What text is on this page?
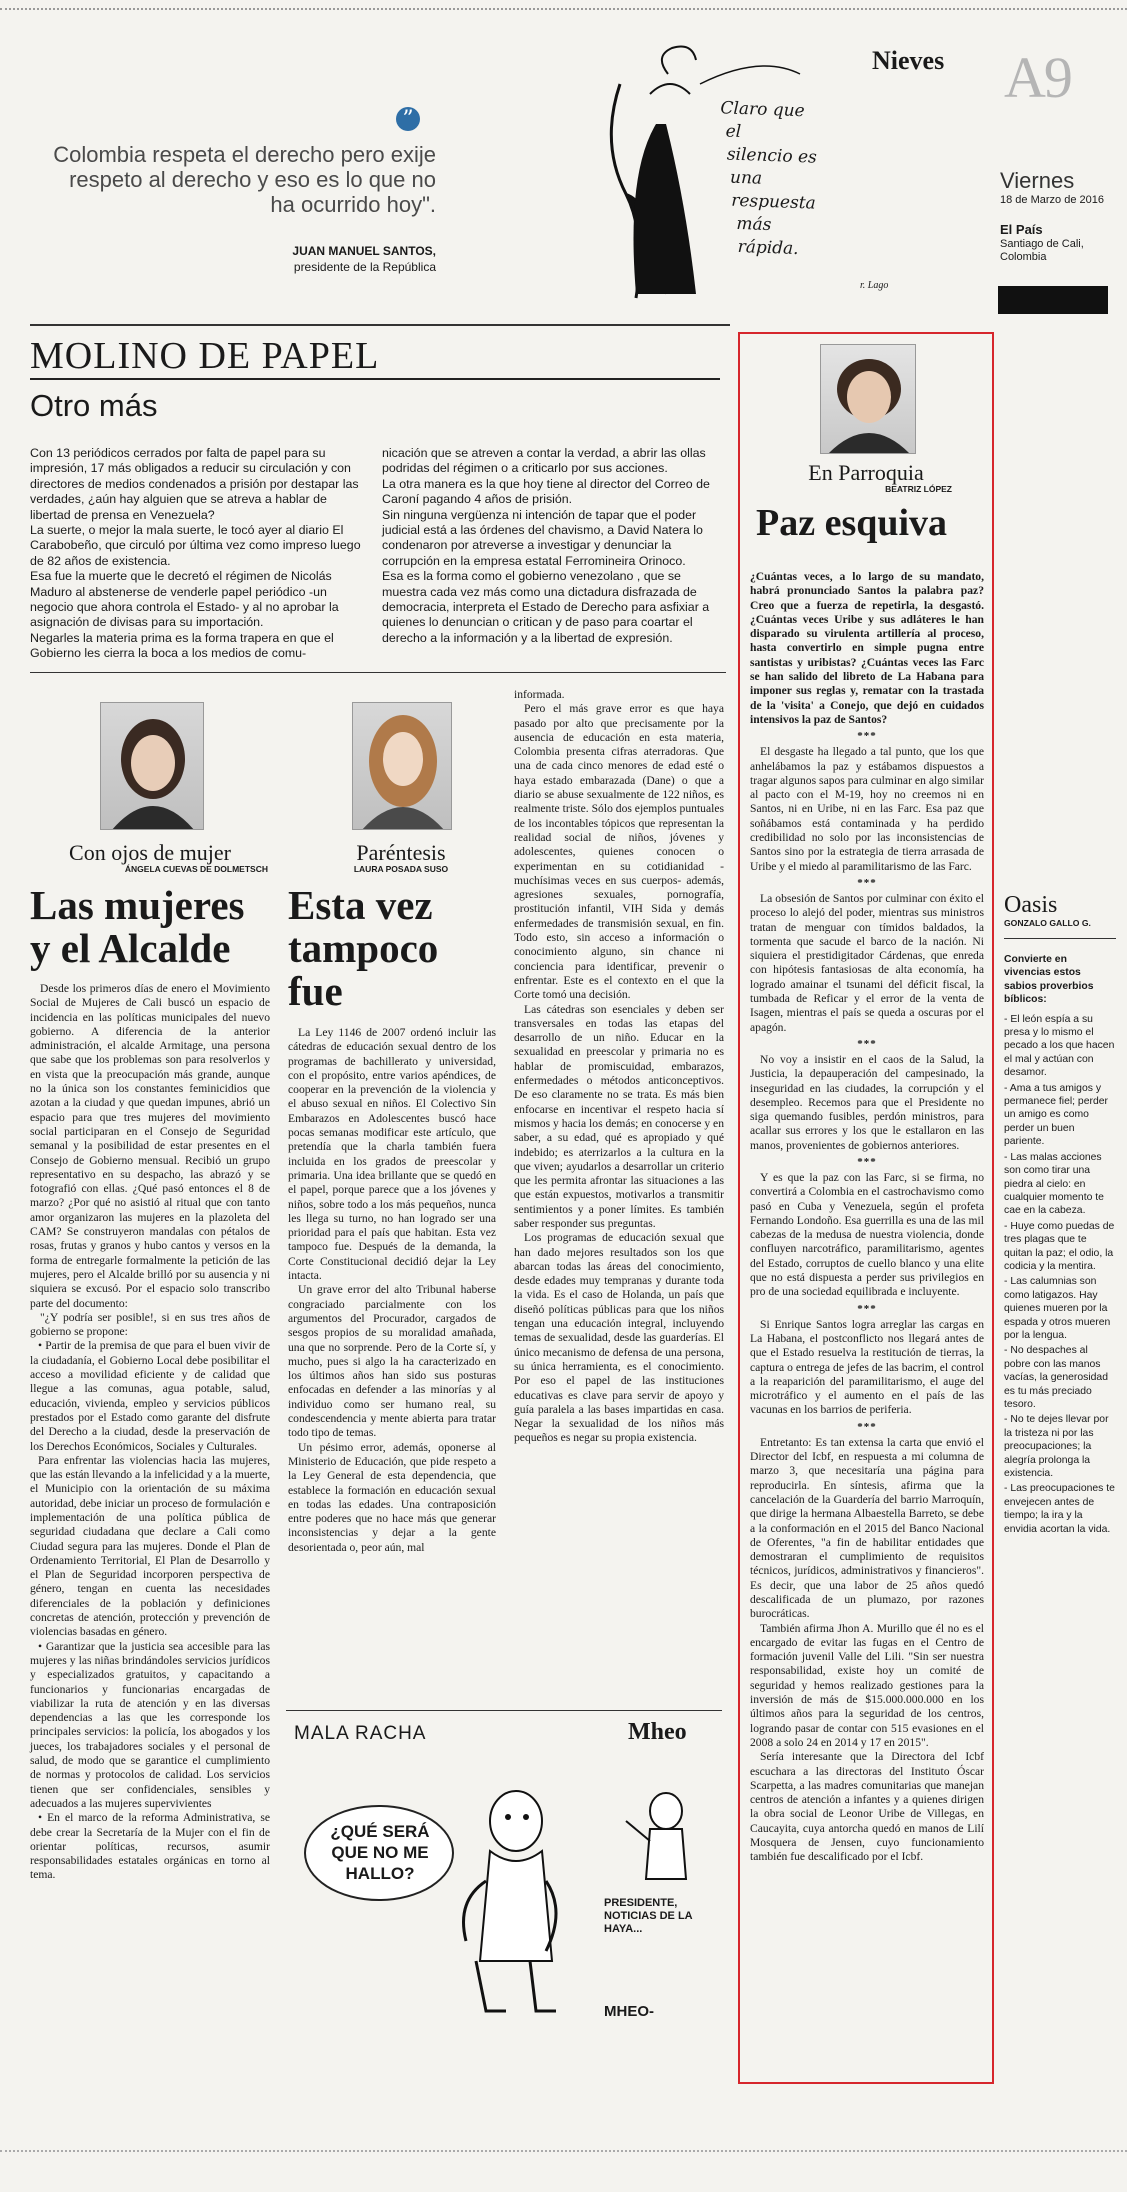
”
Colombia respeta el derecho pero exije respeto al derecho y eso es lo que no ha ocurrido hoy".
JUAN MANUEL SANTOS,
presidente de la República
Nieves
Claro que
el
silencio es
una
respuesta
más
rápida.
r. Lago
A9
Viernes
18 de Marzo de 2016
El País
Santiago de Cali, Colombia
MOLINO DE PAPEL
Otro más
Con 13 periódicos cerrados por falta de papel para su impresión, 17 más obligados a reducir su circulación y con directores de medios condenados a prisión por destapar las verdades, ¿aún hay alguien que se atreva a hablar de libertad de prensa en Venezuela?
La suerte, o mejor la mala suerte, le tocó ayer al diario El Carabobeño, que circuló por última vez como impreso luego de 82 años de existencia.
Esa fue la muerte que le decretó el régimen de Nicolás Maduro al abstenerse de venderle papel periódico -un negocio que ahora controla el Estado- y al no aprobar la asignación de divisas para su importación.
Negarles la materia prima es la forma trapera en que el Gobierno les cierra la boca a los medios de comu-
nicación que se atreven a contar la verdad, a abrir las ollas podridas del régimen o a criticarlo por sus acciones.
La otra manera es la que hoy tiene al director del Correo de Caroní pagando 4 años de prisión.
Sin ninguna vergüenza ni intención de tapar que el poder judicial está a las órdenes del chavismo, a David Natera lo condenaron por atreverse a investigar y denunciar la corrupción en la empresa estatal Ferromineira Orinoco.
Esa es la forma como el gobierno venezolano , que se muestra cada vez más como una dictadura disfrazada de democracia, interpreta el Estado de Derecho para asfixiar a quienes lo denuncian o critican y de paso para coartar el derecho a la información y a la libertad de expresión.
Con ojos de mujer
ÁNGELA CUEVAS DE DOLMETSCH
Las mujeres y el Alcalde

Desde los primeros días de enero el Movimiento Social de Mujeres de Cali buscó un espacio de incidencia en las políticas municipales del nuevo gobierno. A diferencia de la anterior administración, el alcalde Armitage, una persona que sabe que los problemas son para resolverlos y en vista que la preocupación más grande, aunque no la única son los constantes feminicidios que azotan a la ciudad y que quedan impunes, abrió un espacio para que tres mujeres del movimiento social participaran en el Consejo de Seguridad semanal y la posibilidad de estar presentes en el Consejo de Gobierno mensual. Recibió un grupo representativo en su despacho, las abrazó y se fotografió con ellas. ¿Qué pasó entonces el 8 de marzo? ¿Por qué no asistió al ritual que con tanto amor organizaron las mujeres en la plazoleta del CAM? Se construyeron mandalas con pétalos de rosas, frutas y granos y hubo cantos y versos en la forma de entregarle formalmente la petición de las mujeres, pero el Alcalde brilló por su ausencia y ni siquiera se excusó. Por el espacio solo transcribo parte del documento:

"¿Y podría ser posible!, si en sus tres años de gobierno se propone:

• Partir de la premisa de que para el buen vivir de la ciudadanía, el Gobierno Local debe posibilitar el acceso a movilidad eficiente y de calidad que llegue a las comunas, agua potable, salud, educación, vivienda, empleo y servicios públicos prestados por el Estado como garante del disfrute del Derecho a la ciudad, desde la preservación de los Derechos Económicos, Sociales y Culturales.
Para enfrentar las violencias hacia las mujeres, que las están llevando a la infelicidad y a la muerte, el Municipio con la orientación de su máxima autoridad, debe iniciar un proceso de formulación e implementación de una política pública de seguridad ciudadana que declare a Cali como Ciudad segura para las mujeres. Donde el Plan de Ordenamiento Territorial, El Plan de Desarrollo y el Plan de Seguridad incorporen perspectiva de género, tengan en cuenta las necesidades diferenciales de la población y definiciones concretas de atención, protección y prevención de violencias basadas en género.
• Garantizar que la justicia sea accesible para las mujeres y las niñas brindándoles servicios jurídicos y especializados gratuitos, y capacitando a funcionarios y funcionarias encargadas de viabilizar la ruta de atención y en las diversas dependencias a las que les corresponde los principales servicios: la policía, los abogados y los jueces, los trabajadores sociales y el personal de salud, de modo que se garantice el cumplimiento de normas y protocolos de calidad. Los servicios tienen que ser confidenciales, sensibles y adecuados a las mujeres supervivientes
• En el marco de la reforma Administrativa, se debe crear la Secretaría de la Mujer con el fin de orientar políticas, recursos, asumir responsabilidades estatales orgánicas en torno al tema.
Paréntesis
LAURA POSADA SUSO
Esta vez tampoco fue

La Ley 1146 de 2007 ordenó incluir las cátedras de educación sexual dentro de los programas de bachillerato y universidad, con el propósito, entre varios apéndices, de cooperar en la prevención de la violencia y el abuso sexual en niños. El Colectivo Sin Embarazos en Adolescentes buscó hace pocas semanas modificar este artículo, que pretendía que la charla también fuera incluida en los grados de preescolar y primaria. Una idea brillante que se quedó en el papel, porque parece que a los jóvenes y niños, sobre todo a los más pequeños, nunca les llega su turno, no han logrado ser una prioridad para el país que habitan. Esta vez tampoco fue. Después de la demanda, la Corte Constitucional decidió dejar la Ley intacta.

Un grave error del alto Tribunal haberse congraciado parcialmente con los argumentos del Procurador, cargados de sesgos propios de su moralidad amañada, una que no sorprende. Pero de la Corte sí, y mucho, pues si algo la ha caracterizado en los últimos años han sido sus posturas enfocadas en defender a las minorías y al individuo como ser humano real, su condescendencia y mente abierta para tratar todo tipo de temas.

Un pésimo error, además, oponerse al Ministerio de Educación, que pide respeto a la Ley General de esta dependencia, que establece la formación en educación sexual en todas las edades. Una contraposición entre poderes que no hace más que generar inconsistencias y dejar a la gente desorientada o, peor aún, mal

informada.

Pero el más grave error es que haya pasado por alto que precisamente por la ausencia de educación en esta materia, Colombia presenta cifras aterradoras. Que una de cada cinco menores de edad esté o haya estado embarazada (Dane) o que a diario se abuse sexualmente de 122 niños, es realmente triste. Sólo dos ejemplos puntuales de los incontables tópicos que representan la realidad social de niños, jóvenes y adolescentes, quienes conocen o experimentan en su cotidianidad -muchísimas veces en sus cuerpos- además, agresiones sexuales, pornografía, prostitución infantil, VIH Sida y demás enfermedades de transmisión sexual, en fin. Todo esto, sin acceso a información o conocimiento alguno, sin chance ni conciencia para identificar, prevenir o enfrentar. Este es el contexto en el que la Corte tomó una decisión.

Las cátedras son esenciales y deben ser transversales en todas las etapas del desarrollo de un niño. Educar en la sexualidad en preescolar y primaria no es hablar de promiscuidad, embarazos, enfermedades o métodos anticonceptivos. De eso claramente no se trata. Es más bien enfocarse en incentivar el respeto hacia sí mismos y hacia los demás; en conocerse y en saber, a su edad, qué es apropiado y qué indebido; es aterrizarlos a la cultura en la que viven; ayudarlos a desarrollar un criterio que les permita afrontar las situaciones a las que están expuestos, motivarlos a transmitir sentimientos y a poner límites. Es también saber responder sus preguntas.

Los programas de educación sexual que han dado mejores resultados son los que abarcan todas las áreas del conocimiento, desde edades muy tempranas y durante toda la vida. Es el caso de Holanda, un país que diseñó políticas públicas para que los niños tengan una educación integral, incluyendo temas de sexualidad, desde las guarderías. El único mecanismo de defensa de una persona, su única herramienta, es el conocimiento. Por eso el papel de las instituciones educativas es clave para servir de apoyo y guía paralela a las bases impartidas en casa. Negar la sexualidad de los niños más pequeños es negar su propia existencia.

MALA RACHA	Mheo
¿QUÉ SERÁ QUE NO ME HALLO?
PRESIDENTE, NOTICIAS DE LA HAYA...
MHEO-
En Parroquia
BEATRIZ LÓPEZ
Paz esquiva

¿Cuántas veces, a lo largo de su mandato, habrá pronunciado Santos la palabra paz? Creo que a fuerza de repetirla, la desgastó. ¿Cuántas veces Uribe y sus adláteres le han disparado su virulenta artillería al proceso, hasta convertirlo en simple pugna entre santistas y uribistas? ¿Cuántas veces las Farc se han salido del libreto de La Habana para imponer sus reglas y, rematar con la trastada de la 'visita' a Conejo, que dejó en cuidados intensivos la paz de Santos?

***

El desgaste ha llegado a tal punto, que los que anhelábamos la paz y estábamos dispuestos a tragar algunos sapos para culminar en algo similar al pacto con el M-19, hoy no creemos ni en Santos, ni en Uribe, ni en las Farc. Esa paz que soñábamos está contaminada y ha perdido credibilidad no solo por las inconsistencias de Santos sino por la estrategia de tierra arrasada de Uribe y el miedo al paramilitarismo de las Farc.

***

La obsesión de Santos por culminar con éxito el proceso lo alejó del poder, mientras sus ministros tratan de menguar con tímidos baldados, la tormenta que sacude el barco de la nación. Ni siquiera el prestidigitador Cárdenas, que enreda con hipótesis fantasiosas de alta economía, ha logrado amainar el tsunami del déficit fiscal, la tumbada de Reficar y el error de la venta de Isagen, mientras el país se queda a oscuras por el apagón.

***

No voy a insistir en el caos de la Salud, la Justicia, la depauperación del campesinado, la inseguridad en las ciudades, la corrupción y el desempleo. Recemos para que el Presidente no siga quemando fusibles, perdón ministros, para acallar sus errores y los que le estallaron en las manos, provenientes de gobiernos anteriores.

***

Y es que la paz con las Farc, si se firma, no convertirá a Colombia en el castrochavismo como pasó en Cuba y Venezuela, según el profeta Fernando Londoño. Esa guerrilla es una de las mil cabezas de la medusa de nuestra violencia, donde confluyen narcotráfico, paramilitarismo, agentes del Estado, corruptos de cuello blanco y una elite que no está dispuesta a perder sus privilegios en pro de una sociedad equilibrada e incluyente.

***

Si Enrique Santos logra arreglar las cargas en La Habana, el postconflicto nos llegará antes de que el Estado resuelva la restitución de tierras, la captura o entrega de jefes de las bacrim, el control a la reaparición del paramilitarismo, el auge del microtráfico y el aumento en el país de las vacunas en los barrios de periferia.

***

Entretanto: Es tan extensa la carta que envió el Director del Icbf, en respuesta a mi columna de marzo 3, que necesitaría una página para reproducirla. En síntesis, afirma que la cancelación de la Guardería del barrio Marroquín, que dirige la hermana Albaestella Barreto, se debe a la conformación en el 2015 del Banco Nacional de Oferentes, "a fin de habilitar entidades que demostraran el cumplimiento de requisitos técnicos, jurídicos, administrativos y financieros". Es decir, que una labor de 25 años quedó descalificada de un plumazo, por razones burocráticas.

También afirma Jhon A. Murillo que él no es el encargado de evitar las fugas en el Centro de formación juvenil Valle del Lili. "Sin ser nuestra responsabilidad, existe hoy un comité de seguridad y hemos realizado gestiones para la inversión de más de $15.000.000.000 en los últimos años para la seguridad de los centros, logrando pasar de contar con 515 evasiones en el 2008 a solo 24 en 2014 y 17 en 2015".

Sería interesante que la Directora del Icbf escuchara a las directoras del Instituto Óscar Scarpetta, a las madres comunitarias que manejan centros de atención a infantes y a quienes dirigen la obra social de Leonor Uribe de Villegas, en Caucayita, cuya antorcha quedó en manos de Lilí Mosquera de Jensen, cuyo funcionamiento también fue descalificado por el Icbf.

Oasis
GONZALO GALLO G.
Convierte en vivencias estos sabios proverbios bíblicos:
- El león espía a su presa y lo mismo el pecado a los que hacen el mal y actúan con desamor.
- Ama a tus amigos y permanece fiel; perder un amigo es como perder un buen pariente.
- Las malas acciones son como tirar una piedra al cielo: en cualquier momento te cae en la cabeza.
- Huye como puedas de tres plagas que te quitan la paz; el odio, la codicia y la mentira.
- Las calumnias son como latigazos. Hay quienes mueren por la espada y otros mueren por la lengua.
- No despaches al pobre con las manos vacías, la generosidad es tu más preciado tesoro.
- No te dejes llevar por la tristeza ni por las preocupaciones; la alegría prolonga la existencia.
- Las preocupaciones te envejecen antes de tiempo; la ira y la envidia acortan la vida.
